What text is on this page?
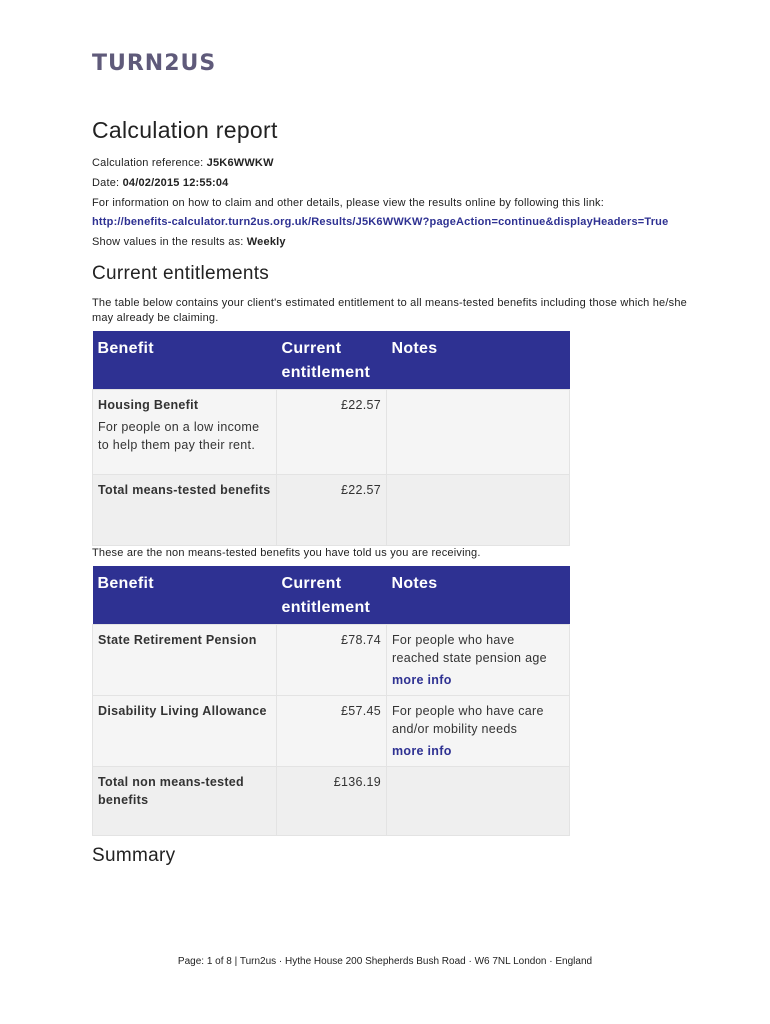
TURN2US
Calculation report
Calculation reference: J5K6WWKW
Date: 04/02/2015 12:55:04
For information on how to claim and other details, please view the results online by following this link:
http://benefits-calculator.turn2us.org.uk/Results/J5K6WWKW?pageAction=continue&displayHeaders=True
Show values in the results as: Weekly
Current entitlements

The table below contains your client's estimated entitlement to all means-tested benefits including those which he/she may already be claiming.

Benefit	Current entitlement	Notes

Housing Benefit
For people on a low income to help them pay their rent.	£22.57	

Total means-tested benefits	£22.57	

These are the non means-tested benefits you have told us you are receiving.

Benefit	Current entitlement	Notes

State Retirement Pension	£78.74	For people who have reached state pension age
more info

Disability Living Allowance	£57.45	For people who have care and/or mobility needs
more info

Total non means-tested benefits	£136.19	
Summary
Page: 1 of 8 | Turn2us · Hythe House 200 Shepherds Bush Road · W6 7NL London · England
